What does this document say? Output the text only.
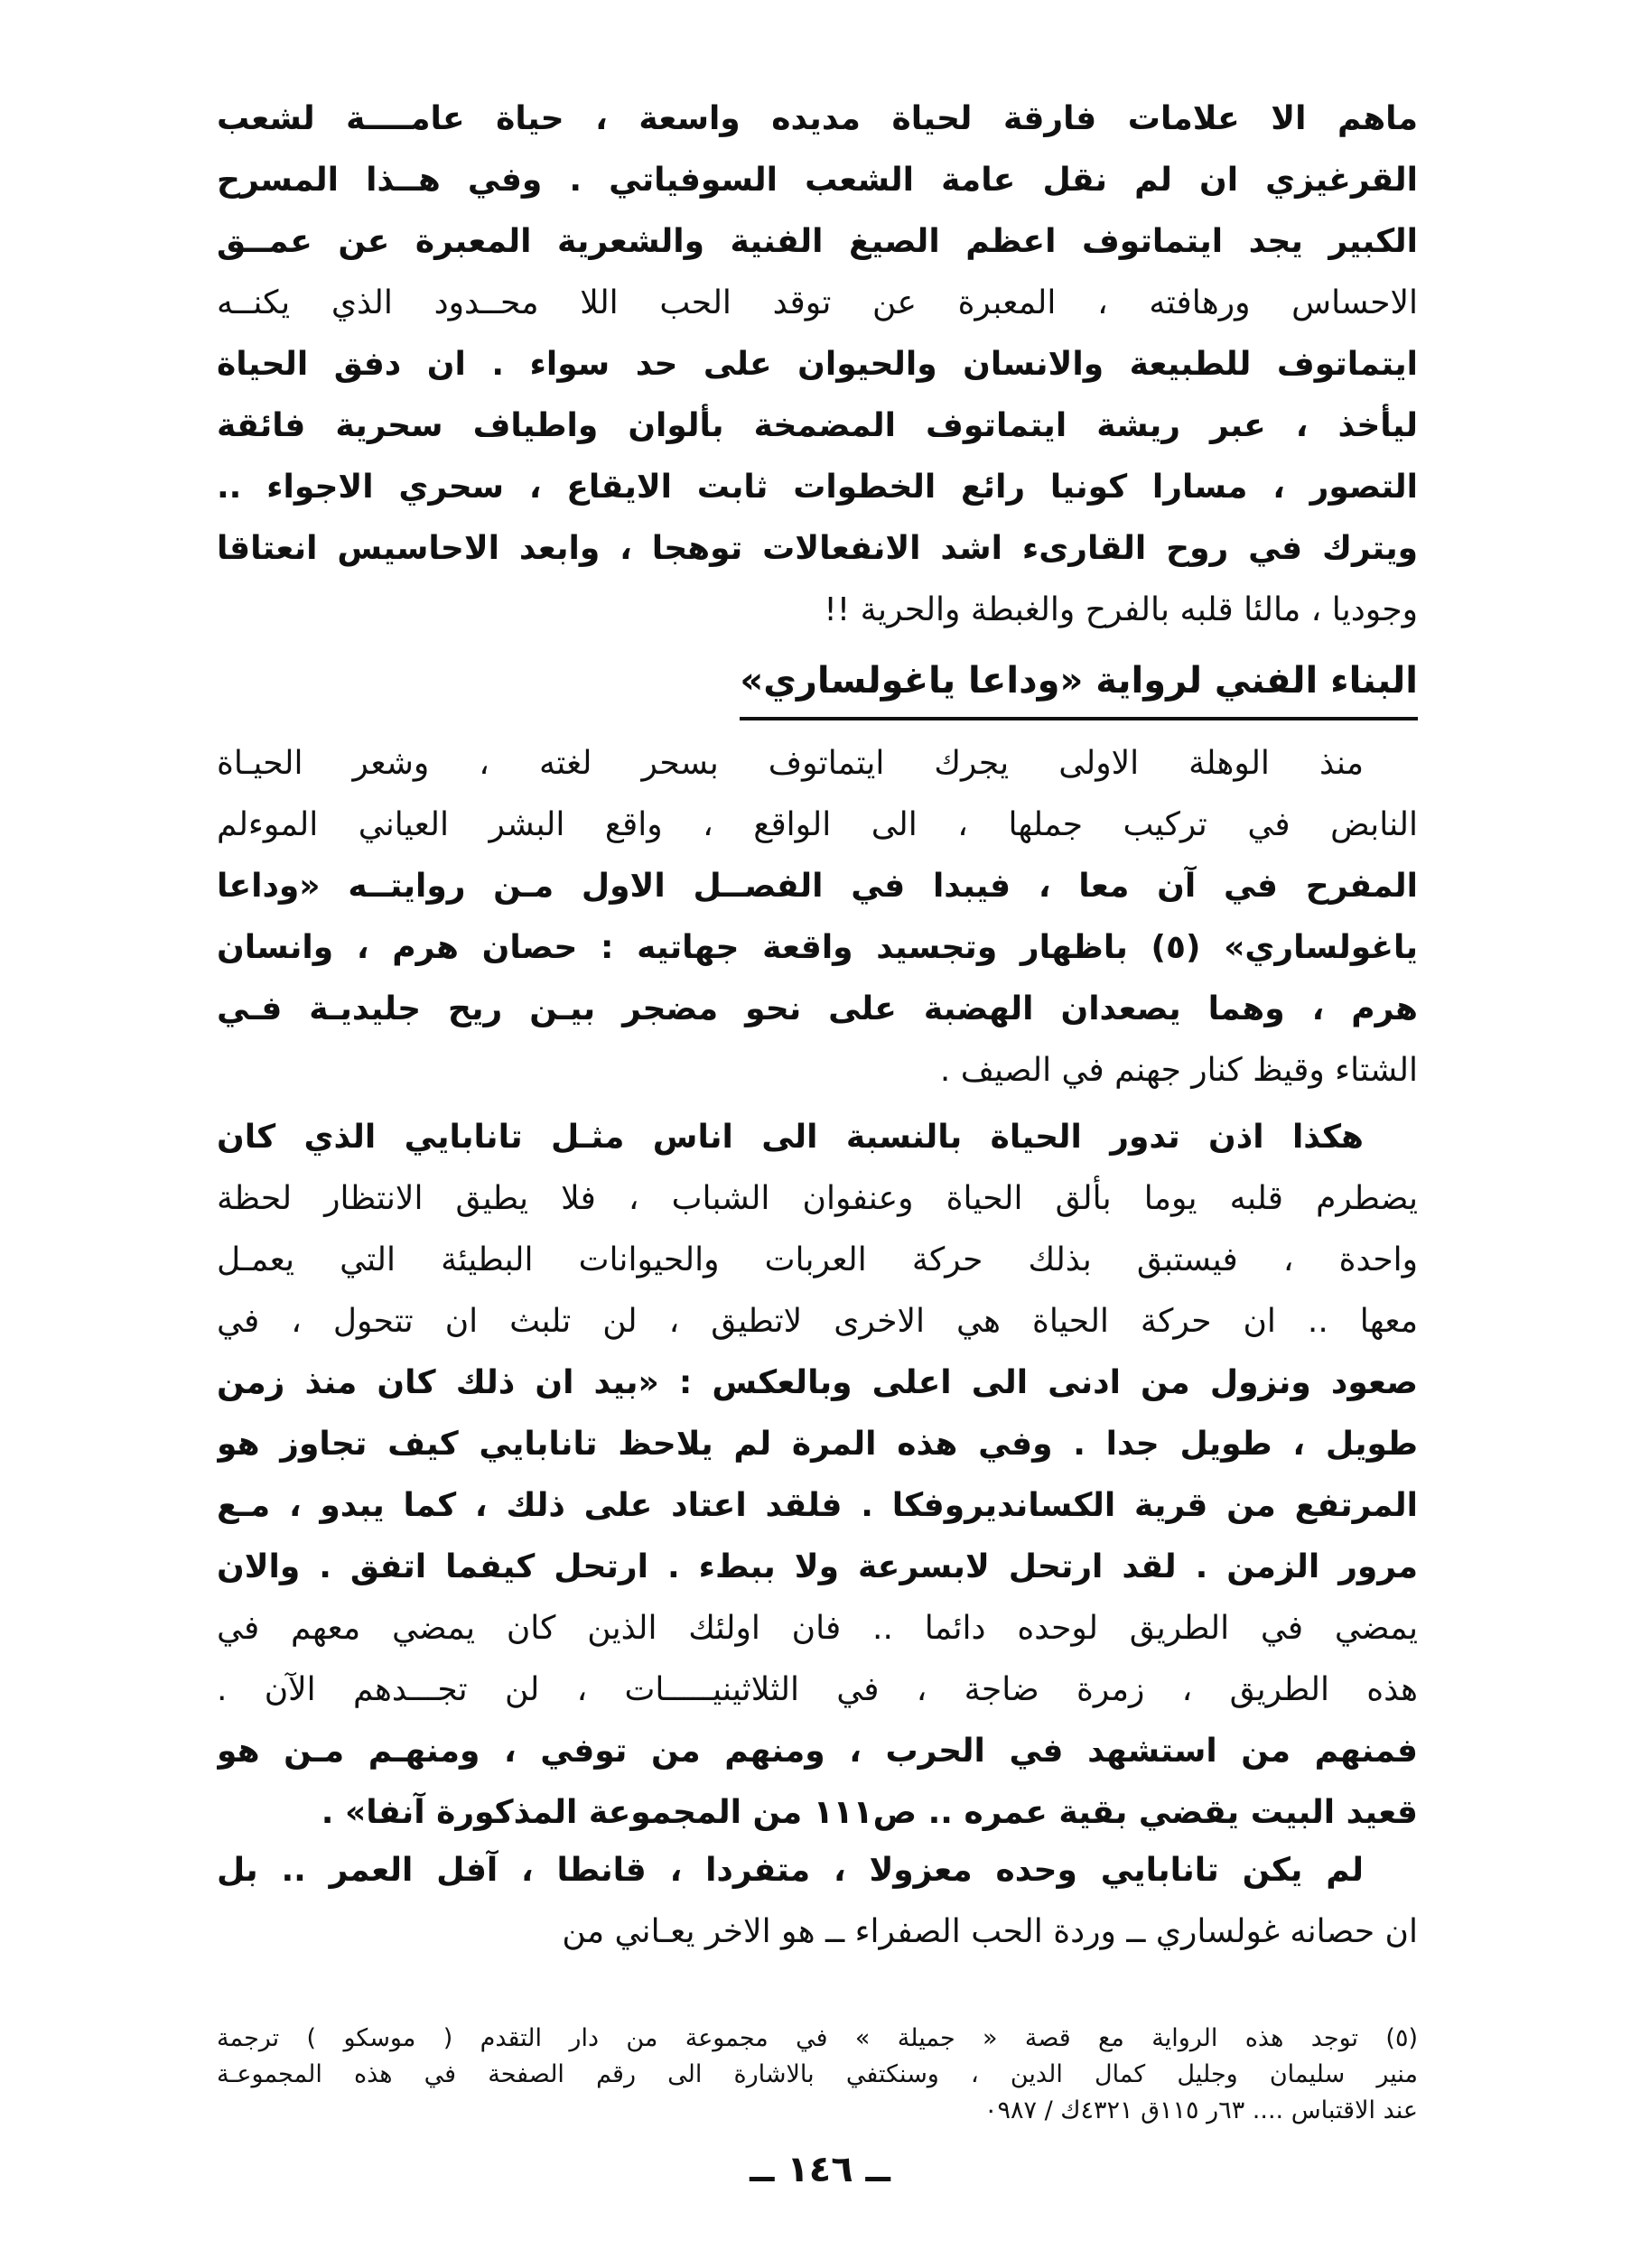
ماهم الا علامات فارقة لحياة مديده واسعة ، حياة عامــــة لشعب
القرغيزي ان لم نقل عامة الشعب السوفياتي . وفي هــذا المسرح
الكبير يجد ايتماتوف اعظم الصيغ الفنية والشعرية المعبرة عن عمــق
الاحساس ورهافته ، المعبرة عن توقد الحب اللا محــدود الذي يكنــه
ايتماتوف للطبيعة والانسان والحيوان على حد سواء . ان دفق الحياة
ليأخذ ، عبر ريشة ايتماتوف المضمخة بألوان واطياف سحرية فائقة
التصور ، مسارا كونيا رائع الخطوات ثابت الايقاع ، سحري الاجواء ..
ويترك في روح القارىء اشد الانفعالات توهجا ، وابعد الاحاسيس انعتاقا
وجوديا ، مالئا قلبه بالفرح والغبطة والحرية !!
البناء الفني لرواية «وداعا ياغولساري»
منذ الوهلة الاولى يجرك ايتماتوف بسحر لغته ، وشعر الحيـاة
النابض في تركيب جملها ، الى الواقع ، واقع البشر العياني الموءلم
المفرح في آن معا ، فيبدا في الفصــل الاول مـن روايتــه «وداعا
ياغولساري» (٥) باظهار وتجسيد واقعة جهاتيه : حصان هرم ، وانسان
هرم ، وهما يصعدان الهضبة على نحو مضجر بيـن ريح جليديـة فـي
الشتاء وقيظ كنار جهنم في الصيف .
هكذا اذن تدور الحياة بالنسبة الى اناس مثـل تانابايي الذي كان
يضطرم قلبه يوما بألق الحياة وعنفوان الشباب ، فلا يطيق الانتظار لحظة
واحدة ، فيستبق بذلك حركة العربات والحيوانات البطيئة التي يعمـل
معها .. ان حركة الحياة هي الاخرى لاتطيق ، لن تلبث ان تتحول ، في
صعود ونزول من ادنى الى اعلى وبالعكس : «بيد ان ذلك كان منذ زمن
طويل ، طويل جدا . وفي هذه المرة لم يلاحظ تانابايي كيف تجاوز هو
المرتفع من قرية الكسانديروفكا . فلقد اعتاد على ذلك ، كما يبدو ، مـع
مرور الزمن . لقد ارتحل لابسرعة ولا ببطء . ارتحل كيفما اتفق . والان
يمضي في الطريق لوحده دائما .. فان اولئك الذين كان يمضي معهم في
هذه الطريق ، زمرة ضاجة ، في الثلاثينيـــــات ، لن تجـــدهم الآن .
فمنهم من استشهد في الحرب ، ومنهم من توفي ، ومنهـم مـن هو
قعيد البيت يقضي بقية عمره .. ص١١١ من المجموعة المذكورة آنفا» .
لم يكن تانابايي وحده معزولا ، متفردا ، قانطا ، آفل العمر .. بل
ان حصانه غولساري ــ وردة الحب الصفراء ــ هو الاخر يعـاني من
(٥) توجد هذه الرواية مع قصة « جميلة » في مجموعة من دار التقدم ( موسكو ) ترجمة
منير سليمان وجليل كمال الدين ، وسنكتفي بالاشارة الى رقم الصفحة في هذه المجموعـة
عند الاقتباس .... ٦٣ر ١١٥ق ٤٣٢١ك / ٠٩٨٧
ــ ١٤٦ ــ
